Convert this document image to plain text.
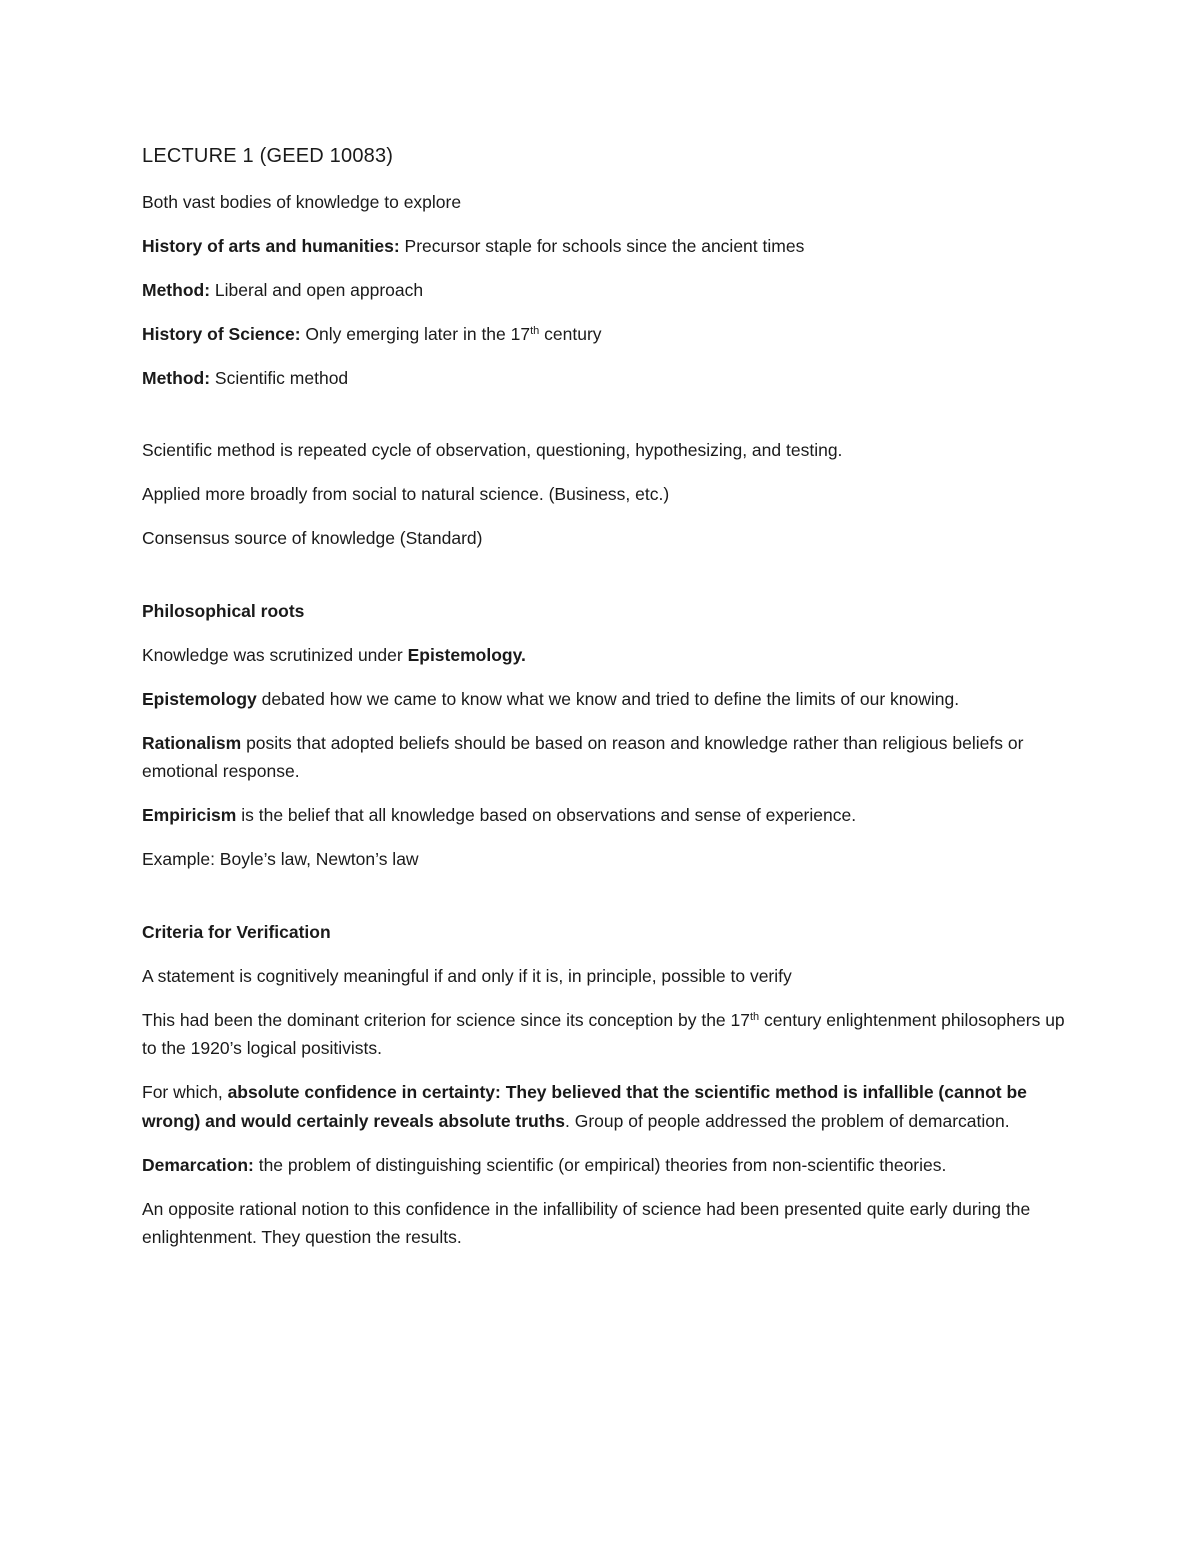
LECTURE 1 (GEED 10083)

Both vast bodies of knowledge to explore

History of arts and humanities: Precursor staple for schools since the ancient times

Method: Liberal and open approach

History of Science: Only emerging later in the 17th century

Method: Scientific method

Scientific method is repeated cycle of observation, questioning, hypothesizing, and testing.

Applied more broadly from social to natural science. (Business, etc.)

Consensus source of knowledge (Standard)

Philosophical roots

Knowledge was scrutinized under Epistemology.

Epistemology debated how we came to know what we know and tried to define the limits of our knowing.

Rationalism posits that adopted beliefs should be based on reason and knowledge rather than religious beliefs or emotional response.

Empiricism is the belief that all knowledge based on observations and sense of experience.

Example: Boyle’s law, Newton’s law

Criteria for Verification

A statement is cognitively meaningful if and only if it is, in principle, possible to verify

This had been the dominant criterion for science since its conception by the 17th century enlightenment philosophers up to the 1920’s logical positivists.

For which, absolute confidence in certainty: They believed that the scientific method is infallible (cannot be wrong) and would certainly reveals absolute truths. Group of people addressed the problem of demarcation.

Demarcation: the problem of distinguishing scientific (or empirical) theories from non-scientific theories.

An opposite rational notion to this confidence in the infallibility of science had been presented quite early during the enlightenment. They question the results.
